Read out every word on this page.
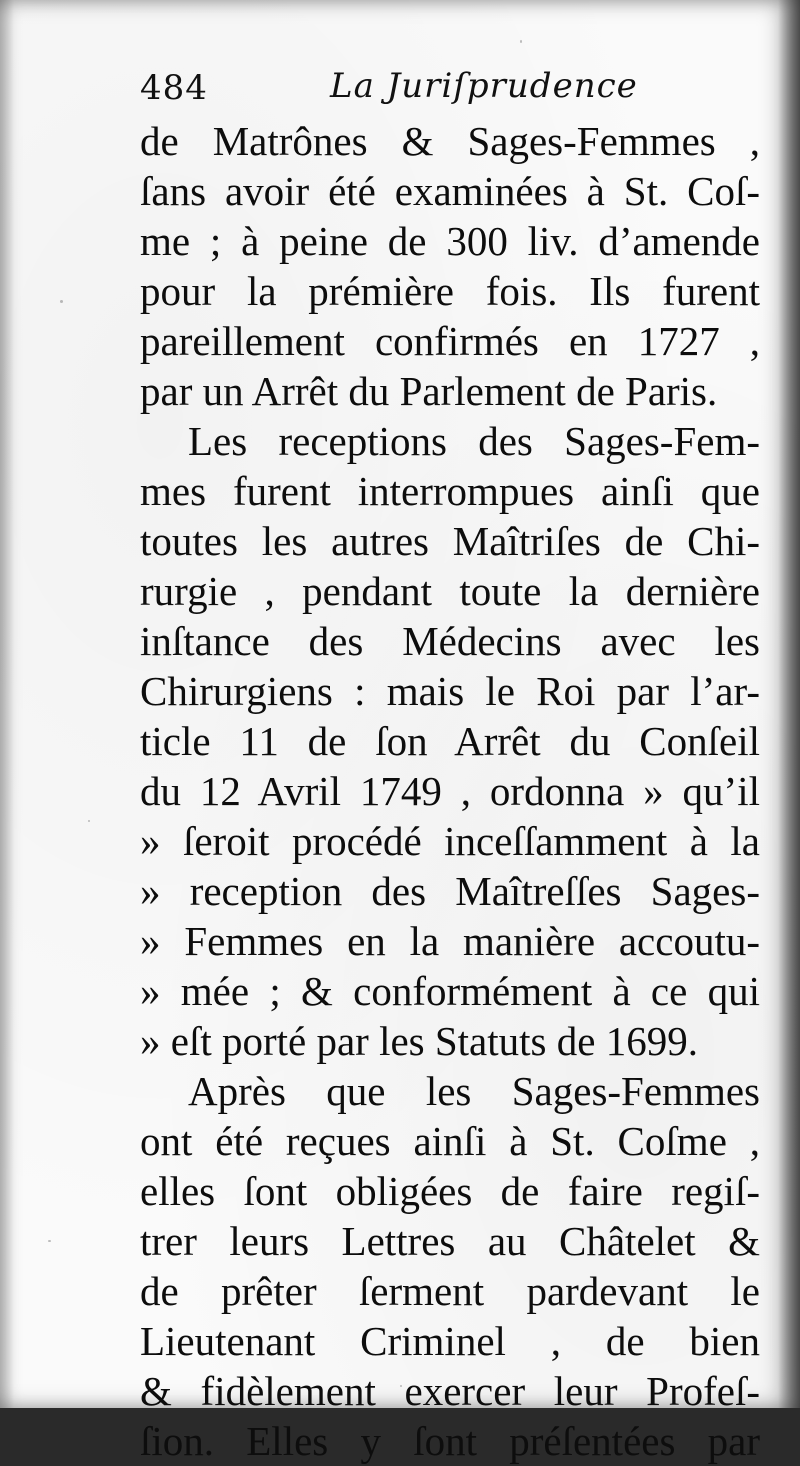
484	La Juriſprudence
de Matrônes & Sages-Femmes ,
ſans avoir été examinées à St. Coſ-
me ; à peine de 300 liv. d’amende
pour la prémière fois. Ils furent
pareillement confirmés en 1727 ,
par un Arrêt du Parlement de Paris.
Les receptions des Sages-Fem-
mes furent interrompues ainſi que
toutes les autres Maîtriſes de Chi-
rurgie , pendant toute la dernière
inſtance des Médecins avec les
Chirurgiens : mais le Roi par l’ar-
ticle 11 de ſon Arrêt du Conſeil
du 12 Avril 1749 , ordonna » qu’il
» ſeroit procédé inceſſamment à la
» reception des Maîtreſſes Sages-
» Femmes en la manière accoutu-
» mée ; & conformément à ce qui
» eſt porté par les Statuts de 1699.
Après que les Sages-Femmes
ont été reçues ainſi à St. Coſme ,
elles ſont obligées de faire regiſ-
trer leurs Lettres au Châtelet &
de prêter ſerment pardevant le
Lieutenant Criminel , de bien
& fidèlement exercer leur Profeſ-
ſion. Elles y ſont préſentées par
